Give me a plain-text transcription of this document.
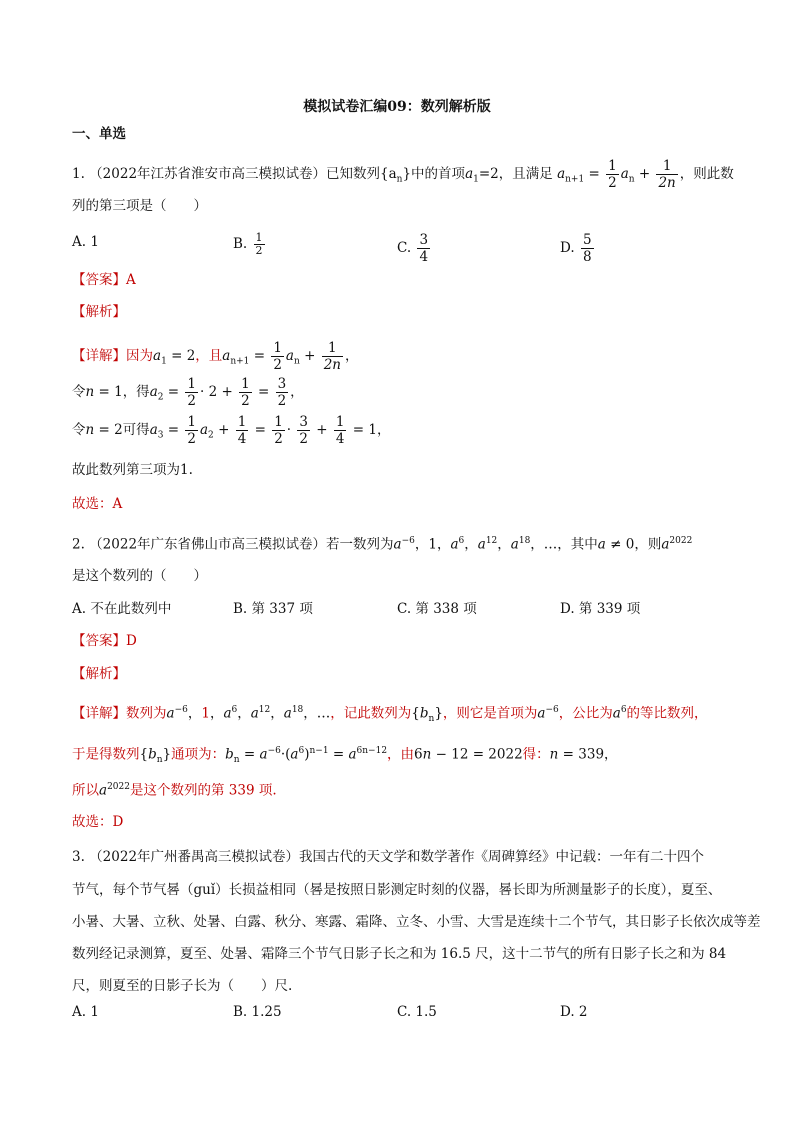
模拟试卷汇编09：数列解析版
一、单选
1. （2022年江苏省淮安市高三模拟试卷）已知数列$\{a_n\}$中的首项$a_1=2$，且满足 $a_{n+1} = \frac{1}{2} a_n + \frac{1}{2n}$ ，则此数
列的第三项是（　　）
A. 1	B. $\frac{1}{2}$	C. $\frac{3}{4}$	D. $\frac{5}{8}$
【答案】A
【解析】
【详解】因为$a_1 = 2$，且$a_{n+1} = \frac{1}{2} a_n + \frac{1}{2n}$ ，
令n = 1，得$a_2 = \frac{1}{2} \cdot 2 + \frac{1}{2} = \frac{3}{2}$ ，
令n = 2可得$a_3 = \frac{1}{2} a_2 + \frac{1}{4} = \frac{1}{2} \cdot \frac{3}{2} + \frac{1}{4} = 1$，
故此数列第三项为1.
故选：A
2. （2022年广东省佛山市高三模拟试卷）若一数列为$a^{-6}$，1，$a^6$，$a^{12}$，$a^{18}$，…，其中a ≠ 0，则$a^{2022}$
是这个数列的（　　）
A. 不在此数列中	B. 第 337 项	C. 第 338 项	D. 第 339 项
【答案】D
【解析】
【详解】数列为$a^{-6}$，1，$a^6$，$a^{12}$，$a^{18}$，…，记此数列为$\{b_n\}$，则它是首项为$a^{-6}$，公比为$a^6$的等比数列，
于是得数列$\{b_n\}$通项为：$b_n = a^{-6}\cdot(a^6)^{n-1} = a^{6n-12}$，由6n − 12 = 2022得：n = 339，
所以$a^{2022}$是这个数列的第 339 项.
故选：D
3. （2022年广州番禺高三模拟试卷）我国古代的天文学和数学著作《周碑算经》中记载：一年有二十四个
节气，每个节气晷（guǐ）长损益相同（晷是按照日影测定时刻的仪器，晷长即为所测量影子的长度），夏至、
小暑、大暑、立秋、处暑、白露、秋分、寒露、霜降、立冬、小雪、大雪是连续十二个节气，其日影子长依次成等差
数列经记录测算，夏至、处暑、霜降三个节气日影子长之和为 16.5 尺，这十二节气的所有日影子长之和为 84
尺，则夏至的日影子长为（　　）尺.
A. 1	B. 1.25	C. 1.5	D. 2
